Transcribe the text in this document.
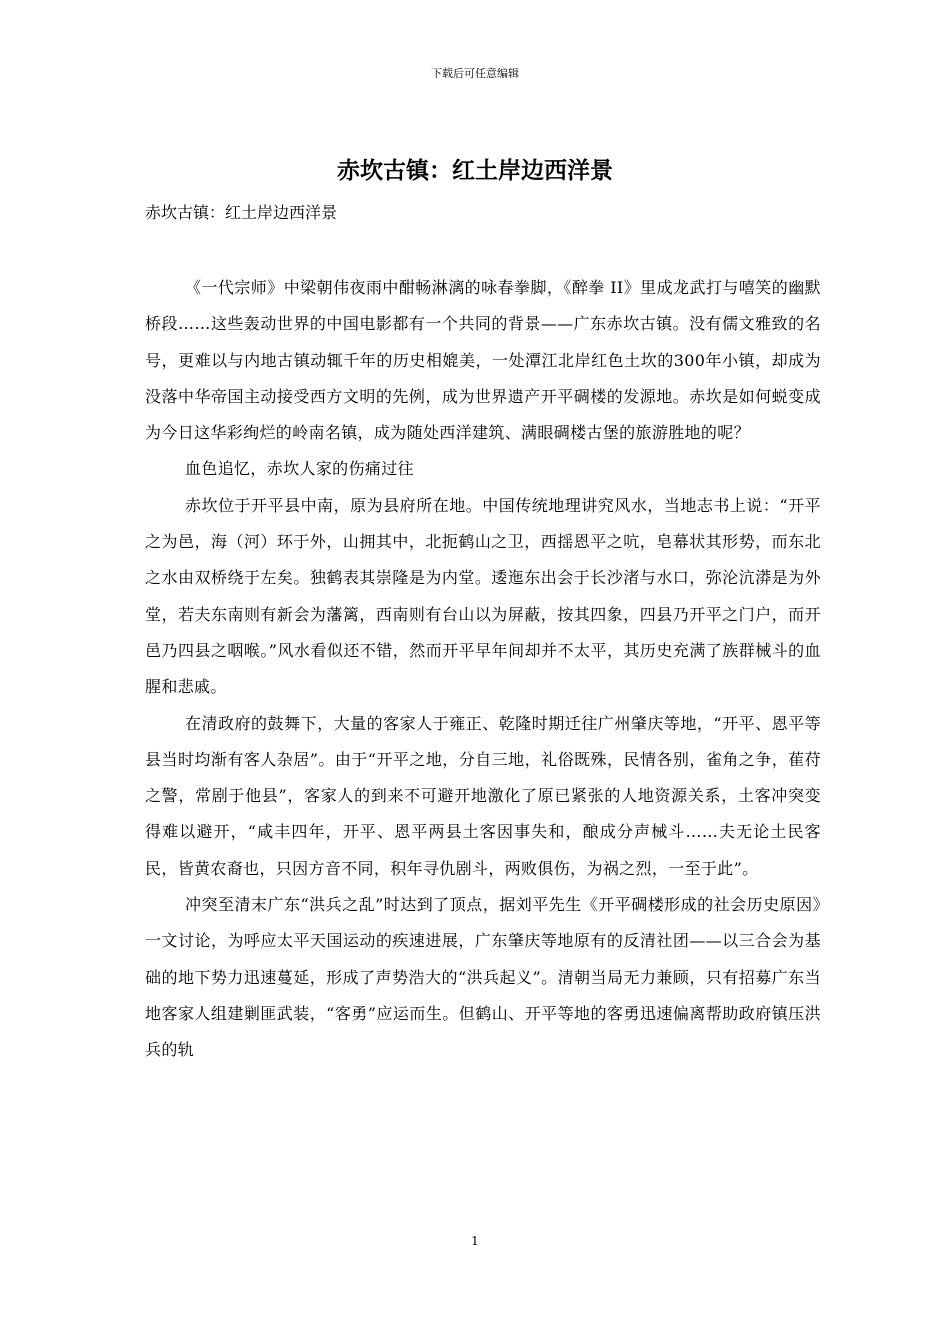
下载后可任意编辑
赤坎古镇：红土岸边西洋景

赤坎古镇：红土岸边西洋景

《一代宗师》中梁朝伟夜雨中酣畅淋漓的咏春拳脚，《醉拳 II》里成龙武打与嘻笑的幽默桥段……这些轰动世界的中国电影都有一个共同的背景——广东赤坎古镇。没有儒文雅致的名号，更难以与内地古镇动辄千年的历史相媲美，一处潭江北岸红色土坎的300年小镇，却成为没落中华帝国主动接受西方文明的先例，成为世界遗产开平碉楼的发源地。赤坎是如何蜕变成为今日这华彩绚烂的岭南名镇，成为随处西洋建筑、满眼碉楼古堡的旅游胜地的呢？

血色追忆，赤坎人家的伤痛过往

赤坎位于开平县中南，原为县府所在地。中国传统地理讲究风水，当地志书上说：“开平之为邑，海（河）环于外，山拥其中，北扼鹤山之卫，西揺恩平之吭，皂幕状其形势，而东北之水由双桥绕于左矣。独鹤表其崇隆是为内堂。逶迤东出会于长沙渚与水口，弥沦沆漭是为外堂，若夫东南则有新会为藩篱，西南则有台山以为屏蔽，按其四象，四县乃开平之门户，而开邑乃四县之咽喉。”风水看似还不错，然而开平早年间却并不太平，其历史充满了族群械斗的血腥和悲戚。

在清政府的鼓舞下，大量的客家人于雍正、乾隆时期迁往广州肇庆等地，“开平、恩平等县当时均渐有客人杂居”。由于“开平之地，分自三地，礼俗既殊，民情各别，雀角之争，萑苻之警，常剧于他县”，客家人的到来不可避开地激化了原已紧张的人地资源关系，土客冲突变得难以避开，“咸丰四年，开平、恩平两县土客因事失和，酿成分声械斗……夫无论土民客民，皆黄农裔也，只因方音不同，积年寻仇剧斗，两败俱伤，为祸之烈，一至于此”。

冲突至清末广东“洪兵之乱”时达到了顶点，据刘平先生《开平碉楼形成的社会历史原因》一文讨论，为呼应太平天国运动的疾速进展，广东肇庆等地原有的反清社团——以三合会为基础的地下势力迅速蔓延，形成了声势浩大的“洪兵起义”。清朝当局无力兼顾，只有招募广东当地客家人组建剿匪武装，“客勇”应运而生。但鹤山、开平等地的客勇迅速偏离帮助政府镇压洪兵的轨

1
